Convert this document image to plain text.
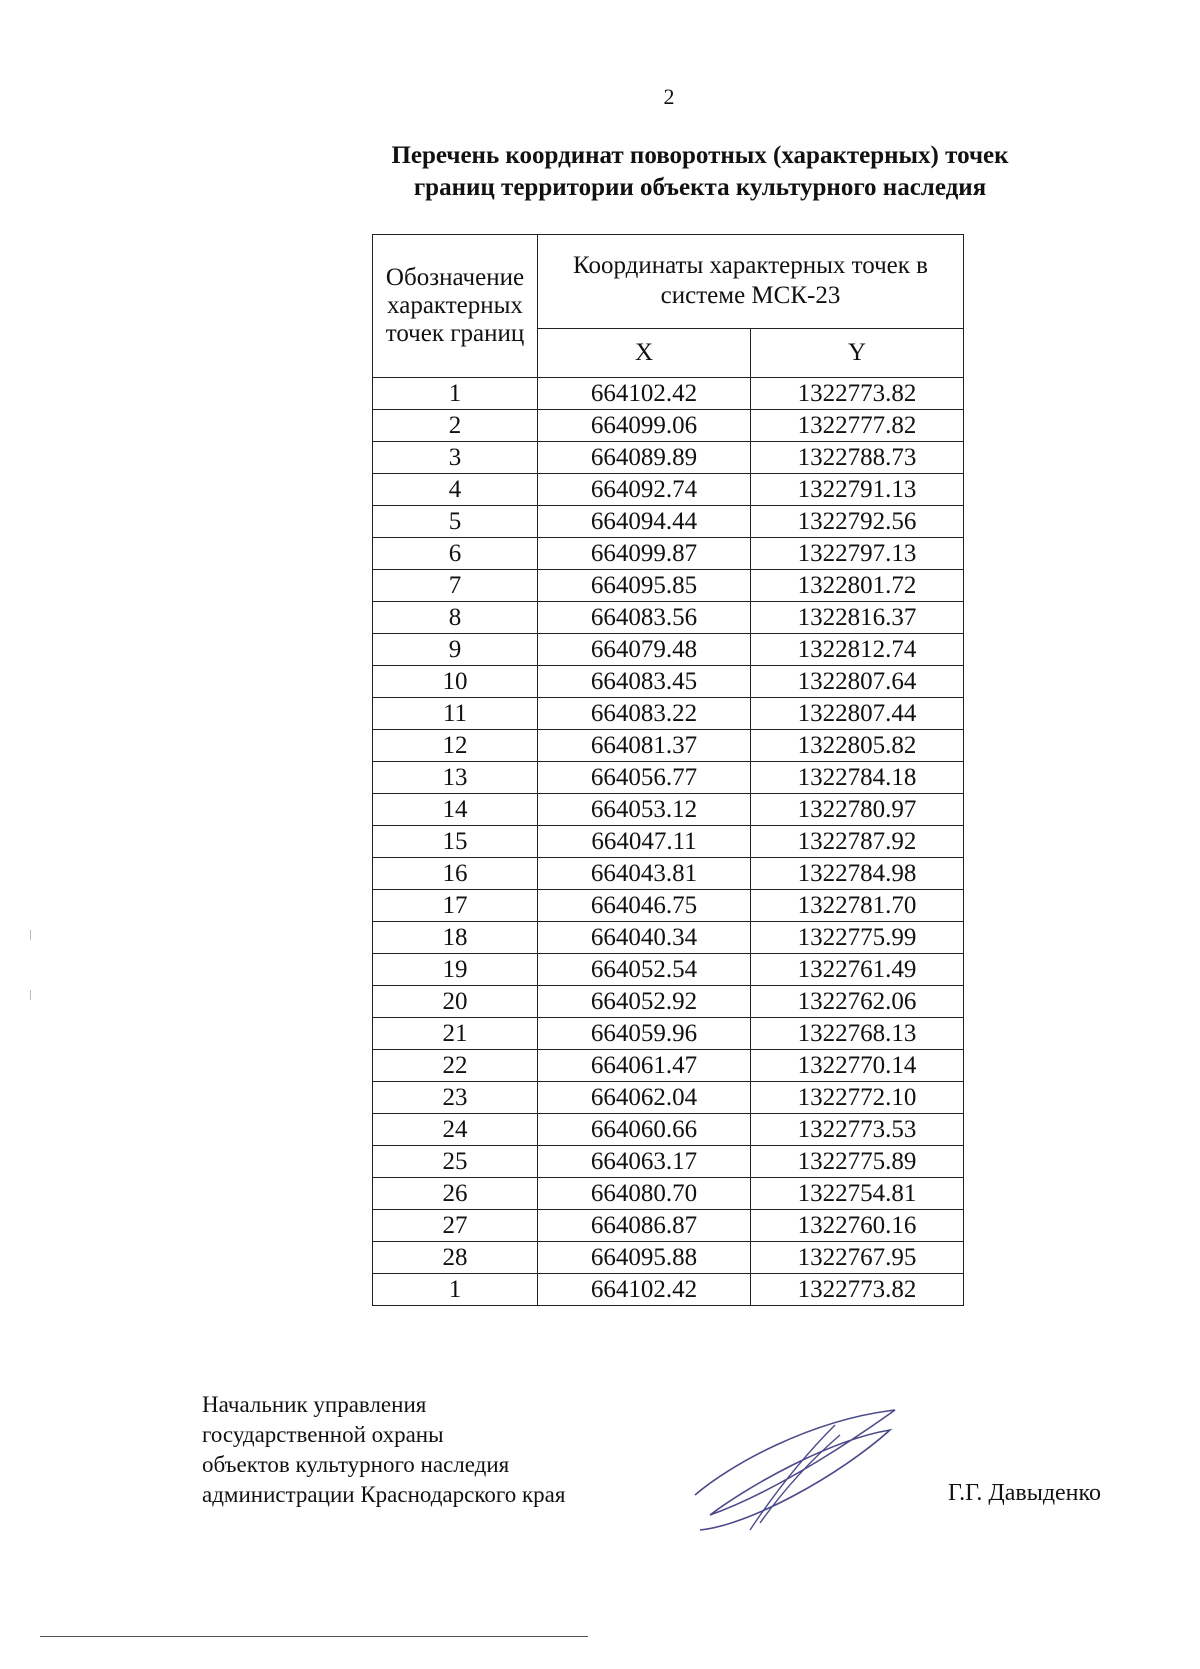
2
Перечень координат поворотных (характерных) точек
границ территории объекта культурного наследия
Обозначение характерных точек границ	Координаты характерных точек в системе МСК-23	
	X	Y
1	664102.42	1322773.82
2	664099.06	1322777.82
3	664089.89	1322788.73
4	664092.74	1322791.13
5	664094.44	1322792.56
6	664099.87	1322797.13
7	664095.85	1322801.72
8	664083.56	1322816.37
9	664079.48	1322812.74
10	664083.45	1322807.64
11	664083.22	1322807.44
12	664081.37	1322805.82
13	664056.77	1322784.18
14	664053.12	1322780.97
15	664047.11	1322787.92
16	664043.81	1322784.98
17	664046.75	1322781.70
18	664040.34	1322775.99
19	664052.54	1322761.49
20	664052.92	1322762.06
21	664059.96	1322768.13
22	664061.47	1322770.14
23	664062.04	1322772.10
24	664060.66	1322773.53
25	664063.17	1322775.89
26	664080.70	1322754.81
27	664086.87	1322760.16
28	664095.88	1322767.95
1	664102.42	1322773.82
Начальник управления
государственной охраны
объектов культурного наследия
администрации Краснодарского края	Г.Г. Давыденко
